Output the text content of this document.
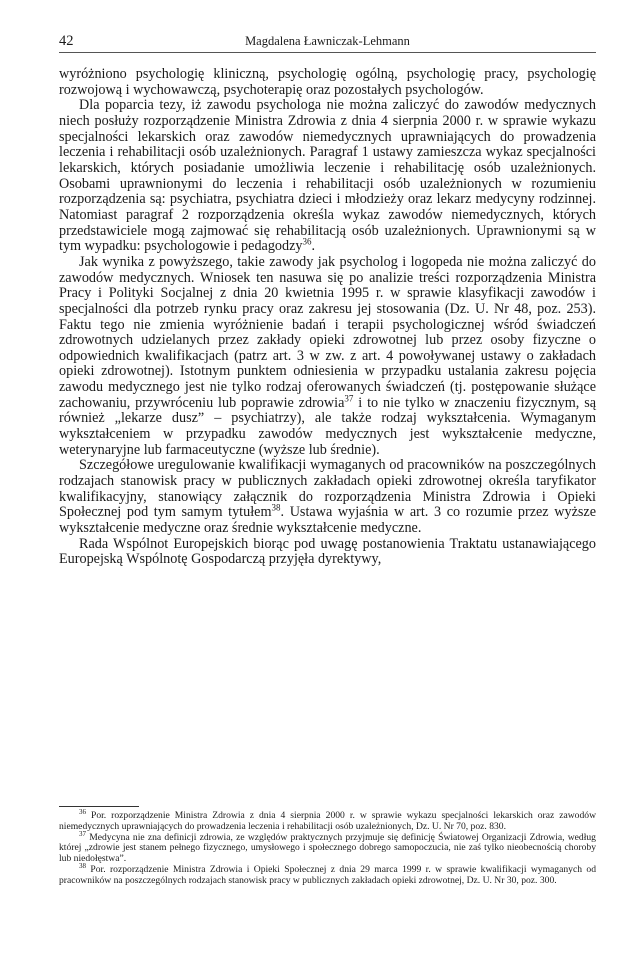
42	Magdalena Ławniczak-Lehmann

wyróżniono psychologię kliniczną, psychologię ogólną, psychologię pracy, psychologię rozwojową i wychowawczą, psychoterapię oraz pozostałych psychologów.

Dla poparcia tezy, iż zawodu psychologa nie można zaliczyć do zawodów medycznych niech posłuży rozporządzenie Ministra Zdrowia z dnia 4 sierpnia 2000 r. w sprawie wykazu specjalności lekarskich oraz zawodów niemedycznych uprawniających do prowadzenia leczenia i rehabilitacji osób uzależnionych. Paragraf 1 ustawy zamieszcza wykaz specjalności lekarskich, których posiadanie umożliwia leczenie i rehabilitację osób uzależnionych. Osobami uprawnionymi do leczenia i rehabilitacji osób uzależnionych w rozumieniu rozporządzenia są: psychiatra, psychiatra dzieci i młodzieży oraz lekarz medycyny rodzinnej. Natomiast paragraf 2 rozporządzenia określa wykaz zawodów niemedycznych, których przedstawiciele mogą zajmować się rehabilitacją osób uzależnionych. Uprawnionymi są w tym wypadku: psychologowie i pedagodzy$^{36}$.

Jak wynika z powyższego, takie zawody jak psycholog i logopeda nie można zaliczyć do zawodów medycznych. Wniosek ten nasuwa się po analizie treści rozporządzenia Ministra Pracy i Polityki Socjalnej z dnia 20 kwietnia 1995 r. w sprawie klasyfikacji zawodów i specjalności dla potrzeb rynku pracy oraz zakresu jej stosowania (Dz. U. Nr 48, poz. 253). Faktu tego nie zmienia wyróżnienie badań i terapii psychologicznej wśród świadczeń zdrowotnych udzielanych przez zakłady opieki zdrowotnej lub przez osoby fizyczne o odpowiednich kwalifikacjach (patrz art. 3 w zw. z art. 4 powoływanej ustawy o zakładach opieki zdrowotnej). Istotnym punktem odniesienia w przypadku ustalania zakresu pojęcia zawodu medycznego jest nie tylko rodzaj oferowanych świadczeń (tj. postępowanie służące zachowaniu, przywróceniu lub poprawie zdrowia$^{37}$ i to nie tylko w znaczeniu fizycznym, są również „lekarze dusz” – psychiatrzy), ale także rodzaj wykształcenia. Wymaganym wykształceniem w przypadku zawodów medycznych jest wykształcenie medyczne, weterynaryjne lub farmaceutyczne (wyższe lub średnie).

Szczegółowe uregulowanie kwalifikacji wymaganych od pracowników na poszczególnych rodzajach stanowisk pracy w publicznych zakładach opieki zdrowotnej określa taryfikator kwalifikacyjny, stanowiący załącznik do rozporządzenia Ministra Zdrowia i Opieki Społecznej pod tym samym tytułem$^{38}$. Ustawa wyjaśnia w art. 3 co rozumie przez wyższe wykształcenie medyczne oraz średnie wykształcenie medyczne.

Rada Wspólnot Europejskich biorąc pod uwagę postanowienia Traktatu ustanawiającego Europejską Wspólnotę Gospodarczą przyjęła dyrektywy,

$^{36}$ Por. rozporządzenie Ministra Zdrowia z dnia 4 sierpnia 2000 r. w sprawie wykazu specjalności lekarskich oraz zawodów niemedycznych uprawniających do prowadzenia leczenia i rehabilitacji osób uzależnionych, Dz. U. Nr 70, poz. 830.

$^{37}$ Medycyna nie zna definicji zdrowia, ze względów praktycznych przyjmuje się definicję Światowej Organizacji Zdrowia, według której „zdrowie jest stanem pełnego fizycznego, umysłowego i społecznego dobrego samopoczucia, nie zaś tylko nieobecnością choroby lub niedołęstwa”.

$^{38}$ Por. rozporządzenie Ministra Zdrowia i Opieki Społecznej z dnia 29 marca 1999 r. w sprawie kwalifikacji wymaganych od pracowników na poszczególnych rodzajach stanowisk pracy w publicznych zakładach opieki zdrowotnej, Dz. U. Nr 30, poz. 300.
